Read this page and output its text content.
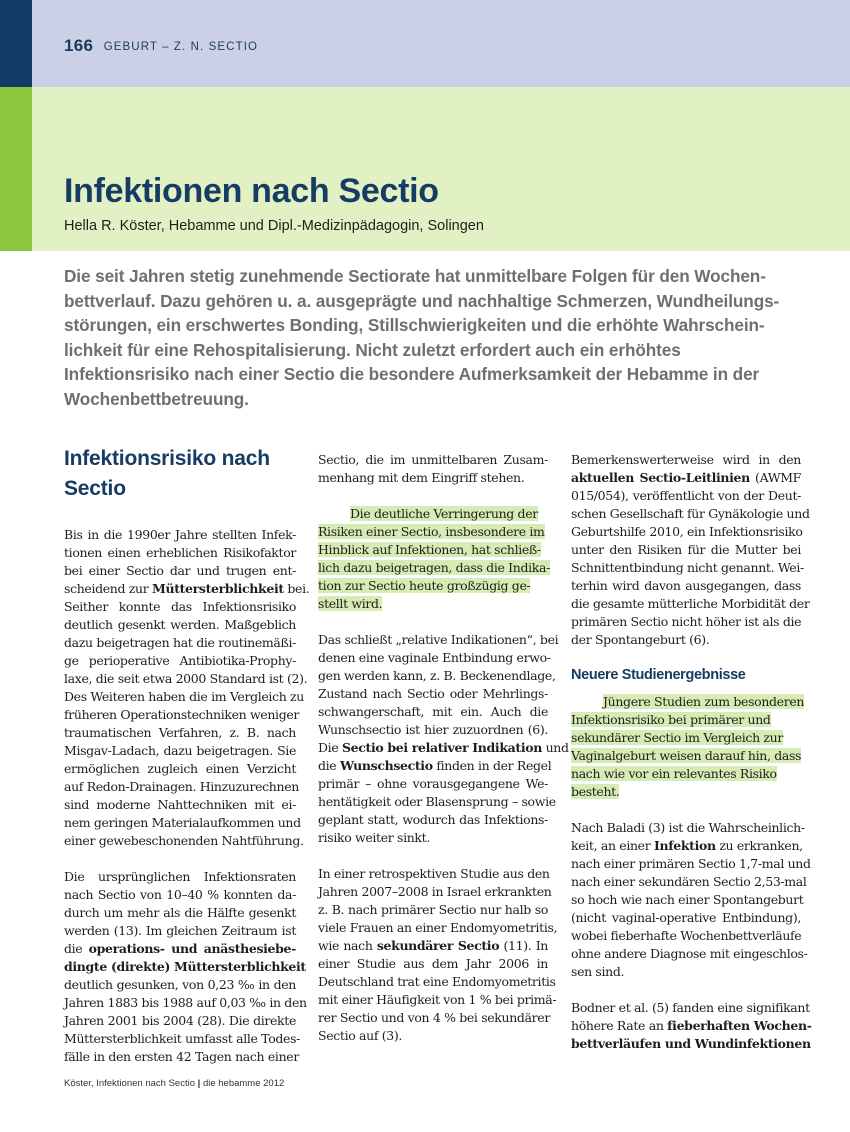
166 GEBURT – Z. N. SECTIO
Infektionen nach Sectio
Hella R. Köster, Hebamme und Dipl.-Medizinpädagogin, Solingen

Die seit Jahren stetig zunehmende Sectiorate hat unmittelbare Folgen für den Wochen-
bettverlauf. Dazu gehören u. a. ausgeprägte und nachhaltige Schmerzen, Wundheilungs-
störungen, ein erschwertes Bonding, Stillschwierigkeiten und die erhöhte Wahrschein-
lichkeit für eine Rehospitalisierung. Nicht zuletzt erfordert auch ein erhöhtes
Infektionsrisiko nach einer Sectio die besondere Aufmerksamkeit der Hebamme in der
Wochenbettbetreuung.

Infektionsrisiko nach
Sectio
Bis in die 1990er Jahre stellten Infek-
tionen einen erheblichen Risikofaktor
bei einer Sectio dar und trugen ent-
scheidend zur Müttersterblichkeit bei.
Seither konnte das Infektionsrisiko
deutlich gesenkt werden. Maßgeblich
dazu beigetragen hat die routinemäßi-
ge perioperative Antibiotika-Prophy-
laxe, die seit etwa 2000 Standard ist (2).
Des Weiteren haben die im Vergleich zu
früheren Operationstechniken weniger
traumatischen Verfahren, z. B. nach
Misgav-Ladach, dazu beigetragen. Sie
ermöglichen zugleich einen Verzicht
auf Redon-Drainagen. Hinzuzurechnen
sind moderne Nahttechniken mit ei-
nem geringen Materialaufkommen und
einer gewebeschonenden Nahtführung.
Die ursprünglichen Infektionsraten
nach Sectio von 10–40 % konnten da-
durch um mehr als die Hälfte gesenkt
werden (13). Im gleichen Zeitraum ist
die operations- und anästhesiebe-
dingte (direkte) Müttersterblichkeit
deutlich gesunken, von 0,23 ‰ in den
Jahren 1883 bis 1988 auf 0,03 ‰ in den
Jahren 2001 bis 2004 (28). Die direkte
Müttersterblichkeit umfasst alle Todes-
fälle in den ersten 42 Tagen nach einer
Sectio, die im unmittelbaren Zusam-
menhang mit dem Eingriff stehen.
Die deutliche Verringerung der
Risiken einer Sectio, insbesondere im
Hinblick auf Infektionen, hat schließ-
lich dazu beigetragen, dass die Indika-
tion zur Sectio heute großzügig ge-
stellt wird.
Das schließt „relative Indikationen“, bei
denen eine vaginale Entbindung erwo-
gen werden kann, z. B. Beckenendlage,
Zustand nach Sectio oder Mehrlings-
schwangerschaft, mit ein. Auch die
Wunschsectio ist hier zuzuordnen (6).
Die Sectio bei relativer Indikation und
die Wunschsectio finden in der Regel
primär – ohne vorausgegangene We-
hentätigkeit oder Blasensprung – sowie
geplant statt, wodurch das Infektions-
risiko weiter sinkt.
In einer retrospektiven Studie aus den
Jahren 2007–2008 in Israel erkrankten
z. B. nach primärer Sectio nur halb so
viele Frauen an einer Endomyometritis,
wie nach sekundärer Sectio (11). In
einer Studie aus dem Jahr 2006 in
Deutschland trat eine Endomyometritis
mit einer Häufigkeit von 1 % bei primä-
rer Sectio und von 4 % bei sekundärer
Sectio auf (3).
Bemerkenswerterweise wird in den
aktuellen Sectio-Leitlinien (AWMF
015/054), veröffentlicht von der Deut-
schen Gesellschaft für Gynäkologie und
Geburtshilfe 2010, ein Infektionsrisiko
unter den Risiken für die Mutter bei
Schnittentbindung nicht genannt. Wei-
terhin wird davon ausgegangen, dass
die gesamte mütterliche Morbidität der
primären Sectio nicht höher ist als die
der Spontangeburt (6).
Neuere Studienergebnisse
Jüngere Studien zum besonderen
Infektionsrisiko bei primärer und
sekundärer Sectio im Vergleich zur
Vaginalgeburt weisen darauf hin, dass
nach wie vor ein relevantes Risiko
besteht.
Nach Baladi (3) ist die Wahrscheinlich-
keit, an einer Infektion zu erkranken,
nach einer primären Sectio 1,7-mal und
nach einer sekundären Sectio 2,53-mal
so hoch wie nach einer Spontangeburt
(nicht vaginal-operative Entbindung),
wobei fieberhafte Wochenbettverläufe
ohne andere Diagnose mit eingeschlos-
sen sind.
Bodner et al. (5) fanden eine signifikant
höhere Rate an fieberhaften Wochen-
bettverläufen und Wundinfektionen
Köster, Infektionen nach Sectio | die hebamme 2012
